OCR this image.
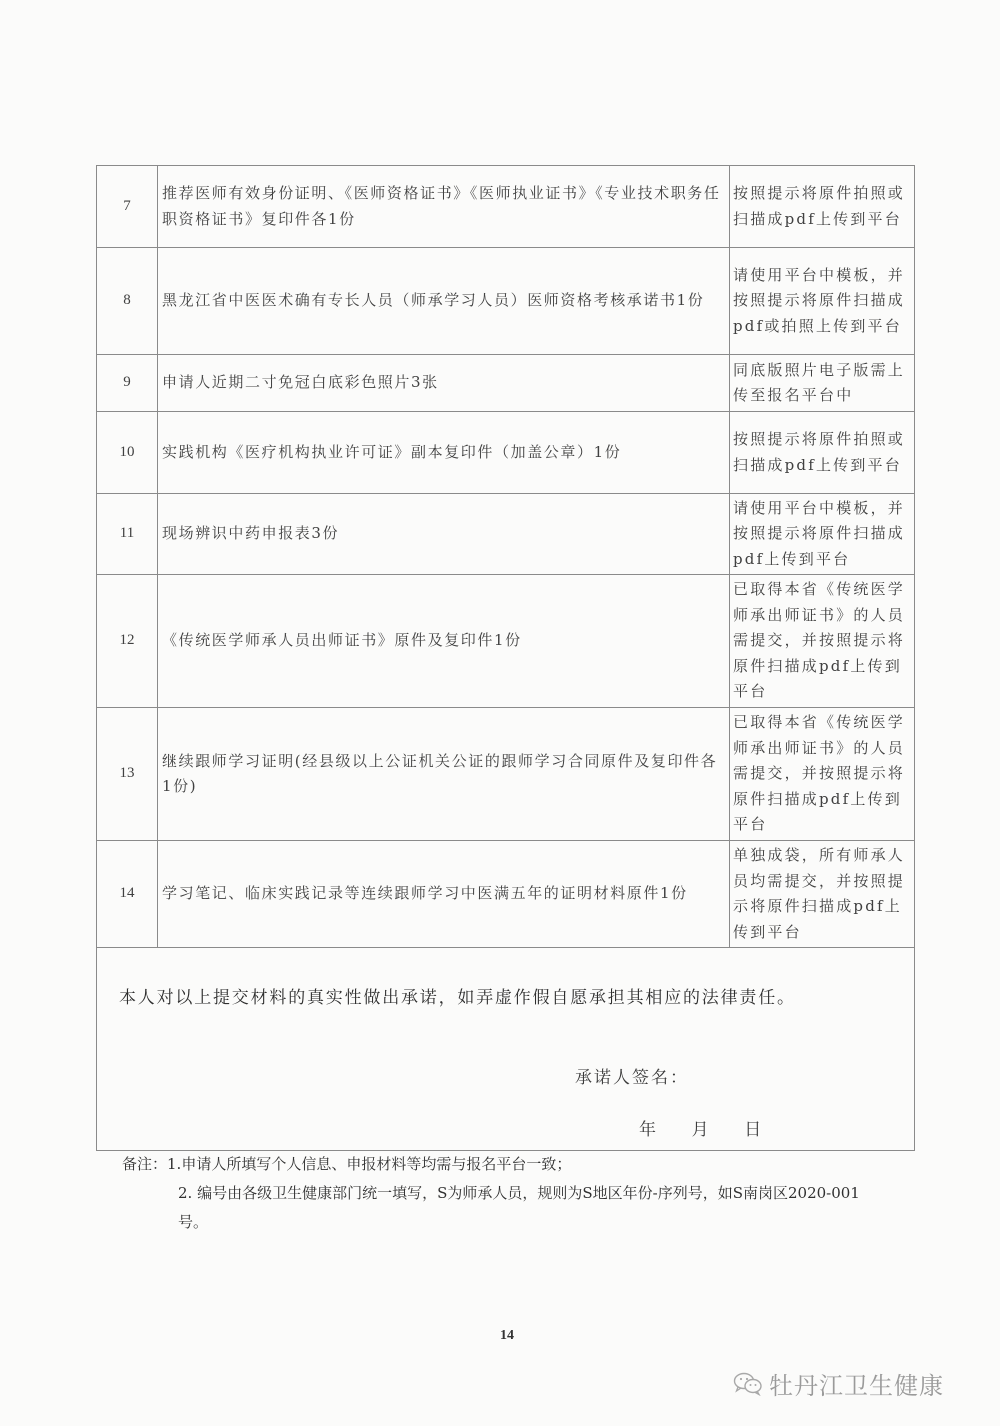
7	推荐医师有效身份证明、《医师资格证书》《医师执业证书》《专业技术职务任职资格证书》复印件各1份	按照提示将原件拍照或扫描成pdf上传到平台
8	黑龙江省中医医术确有专长人员（师承学习人员）医师资格考核承诺书1份	请使用平台中模板，并按照提示将原件扫描成pdf或拍照上传到平台
9	申请人近期二寸免冠白底彩色照片3张	同底版照片电子版需上传至报名平台中
10	实践机构《医疗机构执业许可证》副本复印件（加盖公章）1份	按照提示将原件拍照或扫描成pdf上传到平台
11	现场辨识中药申报表3份	请使用平台中模板，并按照提示将原件扫描成pdf上传到平台
12	《传统医学师承人员出师证书》原件及复印件1份	已取得本省《传统医学师承出师证书》的人员需提交，并按照提示将原件扫描成pdf上传到平台
13	继续跟师学习证明(经县级以上公证机关公证的跟师学习合同原件及复印件各1份)	已取得本省《传统医学师承出师证书》的人员需提交，并按照提示将原件扫描成pdf上传到平台
14	学习笔记、临床实践记录等连续跟师学习中医满五年的证明材料原件1份	单独成袋，所有师承人员均需提交，并按照提示将原件扫描成pdf上传到平台

本人对以上提交材料的真实性做出承诺，如弄虚作假自愿承担其相应的法律责任。
承诺人签名：
年 月 日		
备注：1.申请人所填写个人信息、申报材料等均需与报名平台一致；
2. 编号由各级卫生健康部门统一填写，S为师承人员，规则为S地区年份-序列号，如S南岗区2020-001号。
14
牡丹江卫生健康
